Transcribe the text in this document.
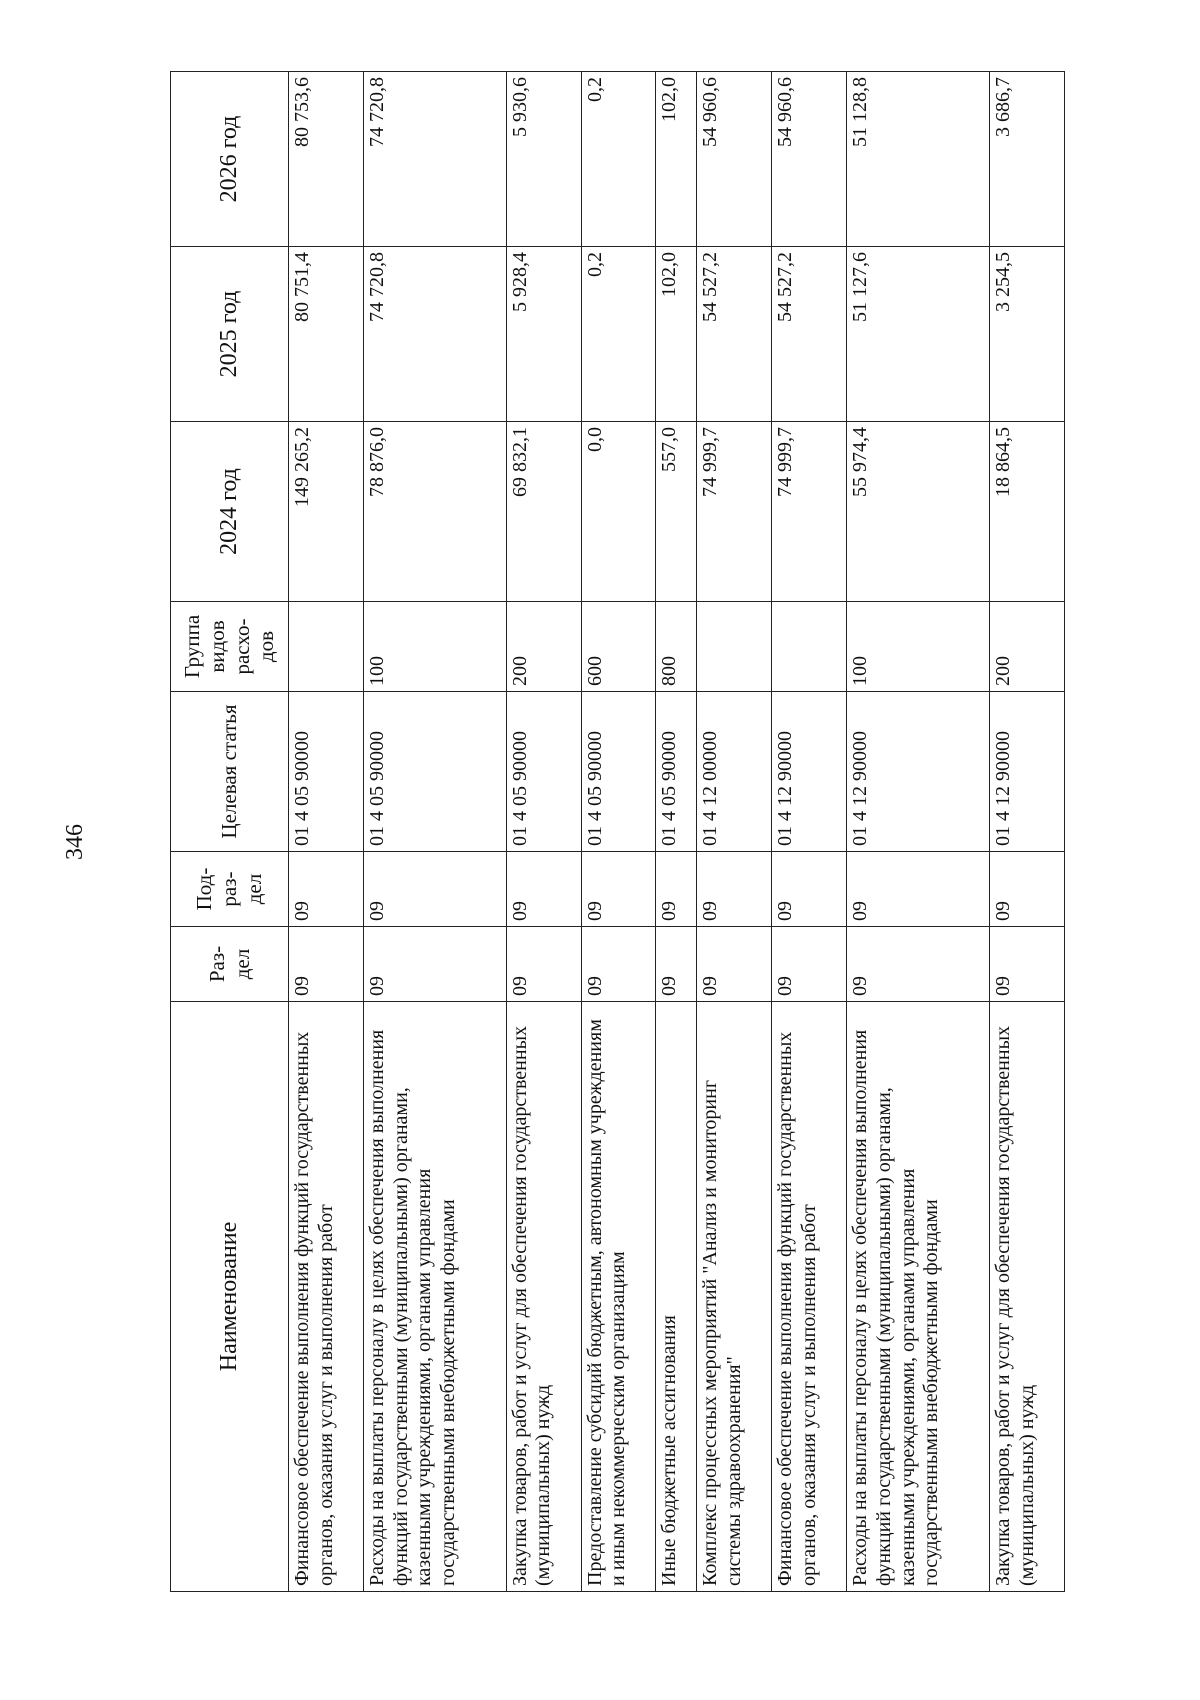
346
Наименование	Раз-дел	Под-раз-дел	Целевая статья	Группа видов расхо-дов	2024 год	2025 год	2026 год
Финансовое обеспечение выполнения функций государственных органов, оказания услуг и выполнения работ	09	09	01 4 05 90000		149 265,2	80 751,4	80 753,6
Расходы на выплаты персоналу в целях обеспечения выполнения функций государственными (муниципальными) органами, казенными учреждениями, органами управления государственными внебюджетными фондами	09	09	01 4 05 90000	100	78 876,0	74 720,8	74 720,8
Закупка товаров, работ и услуг для обеспечения государственных (муниципальных) нужд	09	09	01 4 05 90000	200	69 832,1	5 928,4	5 930,6
Предоставление субсидий бюджетным, автономным учреждениям и иным некоммерческим организациям	09	09	01 4 05 90000	600	0,0	0,2	0,2
Иные бюджетные ассигнования	09	09	01 4 05 90000	800	557,0	102,0	102,0
Комплекс процессных мероприятий "Анализ и мониторинг системы здравоохранения"	09	09	01 4 12 00000		74 999,7	54 527,2	54 960,6
Финансовое обеспечение выполнения функций государственных органов, оказания услуг и выполнения работ	09	09	01 4 12 90000		74 999,7	54 527,2	54 960,6
Расходы на выплаты персоналу в целях обеспечения выполнения функций государственными (муниципальными) органами, казенными учреждениями, органами управления государственными внебюджетными фондами	09	09	01 4 12 90000	100	55 974,4	51 127,6	51 128,8
Закупка товаров, работ и услуг для обеспечения государственных (муниципальных) нужд	09	09	01 4 12 90000	200	18 864,5	3 254,5	3 686,7
